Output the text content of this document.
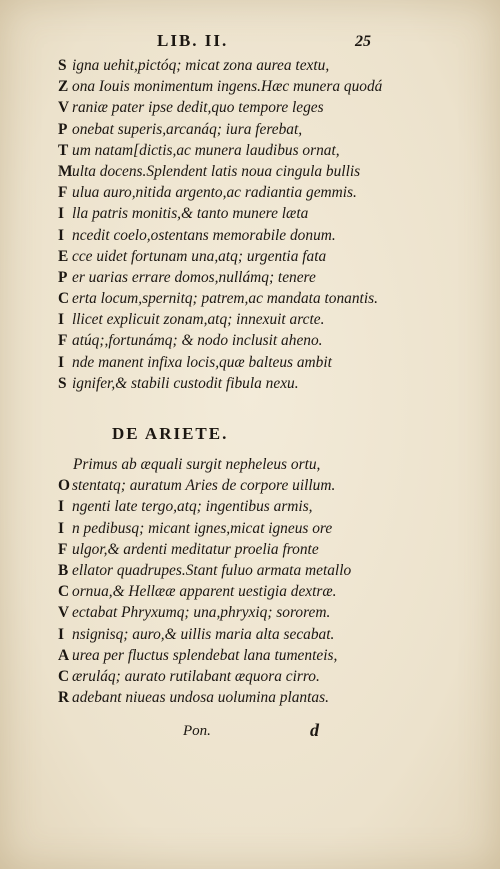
LIB. II.	25
S igna uehit,pictóq; micat zona aurea textu,
Z ona Iouis monimentum ingens.Hæc munera quodá
V raniæ pater ipse dedit,quo tempore leges
P onebat superis,arcanáq; iura ferebat,
T um natam[dictis,ac munera laudibus ornat,
Multa docens.Splendent latis noua cingula bullis
F ulua auro,nitida argento,ac radiantia gemmis.
I lla patris monitis,& tanto munere læta
I ncedit coelo,ostentans memorabile donum.
E cce uidet fortunam una,atq; urgentia fata
P er uarias errare domos,nullámq; tenere
C erta locum,spernitq; patrem,ac mandata tonantis.
I llicet explicuit zonam,atq; innexuit arcte.
F atúq;,fortunámq; & nodo inclusit aheno.
I nde manent infixa locis,quæ balteus ambit
S ignifer,& stabili custodit fibula nexu.
DE ARIETE.
Primus ab æquali surgit nepheleus ortu,
O stentatq; auratum Aries de corpore uillum.
I ngenti late tergo,atq; ingentibus armis,
I n pedibusq; micant ignes,micat igneus ore
F ulgor,& ardenti meditatur proelia fronte
B ellator quadrupes.Stant fuluo armata metallo
C ornua,& Hellææ apparent uestigia dextræ.
V ectabat Phryxumq; una,phryxiq; sororem.
I nsignisq; auro,& uillis maria alta secabat.
A urea per fluctus splendebat lana tumenteis,
C æruláq; aurato rutilabant æquora cirro.
R adebant niueas undosa uolumina plantas.
Pon.	d
